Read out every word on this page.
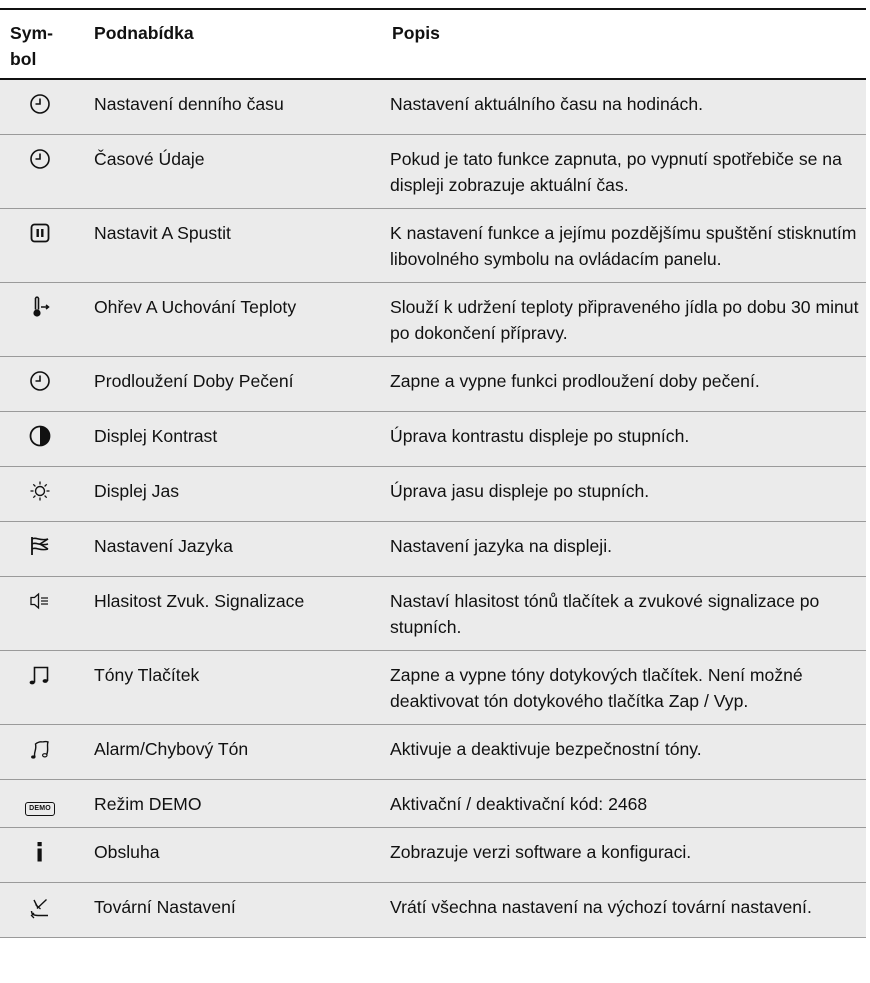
Sym-
bol	Podnabídka	Popis

	Nastavení denního času	Nastavení aktuálního času na hodinách.

	Časové Údaje	Pokud je tato funkce zapnuta, po vypnutí spotřebiče se na displeji zobrazuje aktuální čas.

	Nastavit A Spustit	K nastavení funkce a jejímu pozdějšímu spuštění stisknutím libovolného symbolu na ovládacím panelu.

	Ohřev A Uchování Teploty	Slouží k udržení teploty připraveného jídla po dobu 30 minut po dokončení přípravy.

	Prodloužení Doby Pečení	Zapne a vypne funkci prodloužení doby pečení.

	Displej Kontrast	Úprava kontrastu displeje po stupních.

	Displej Jas	Úprava jasu displeje po stupních.

	Nastavení Jazyka	Nastavení jazyka na displeji.

	Hlasitost Zvuk. Signalizace	Nastaví hlasitost tónů tlačítek a zvukové signalizace po stupních.

	Tóny Tlačítek	Zapne a vypne tóny dotykových tlačítek. Není možné deaktivovat tón dotykového tlačítka Zap / Vyp.

	Alarm/Chybový Tón	Aktivuje a deaktivuje bezpečnostní tóny.
DEMO	Režim DEMO	Aktivační / deaktivační kód: 2468

	Obsluha	Zobrazuje verzi software a konfiguraci.

	Tovární Nastavení	Vrátí všechna nastavení na výchozí tovární nastavení.
